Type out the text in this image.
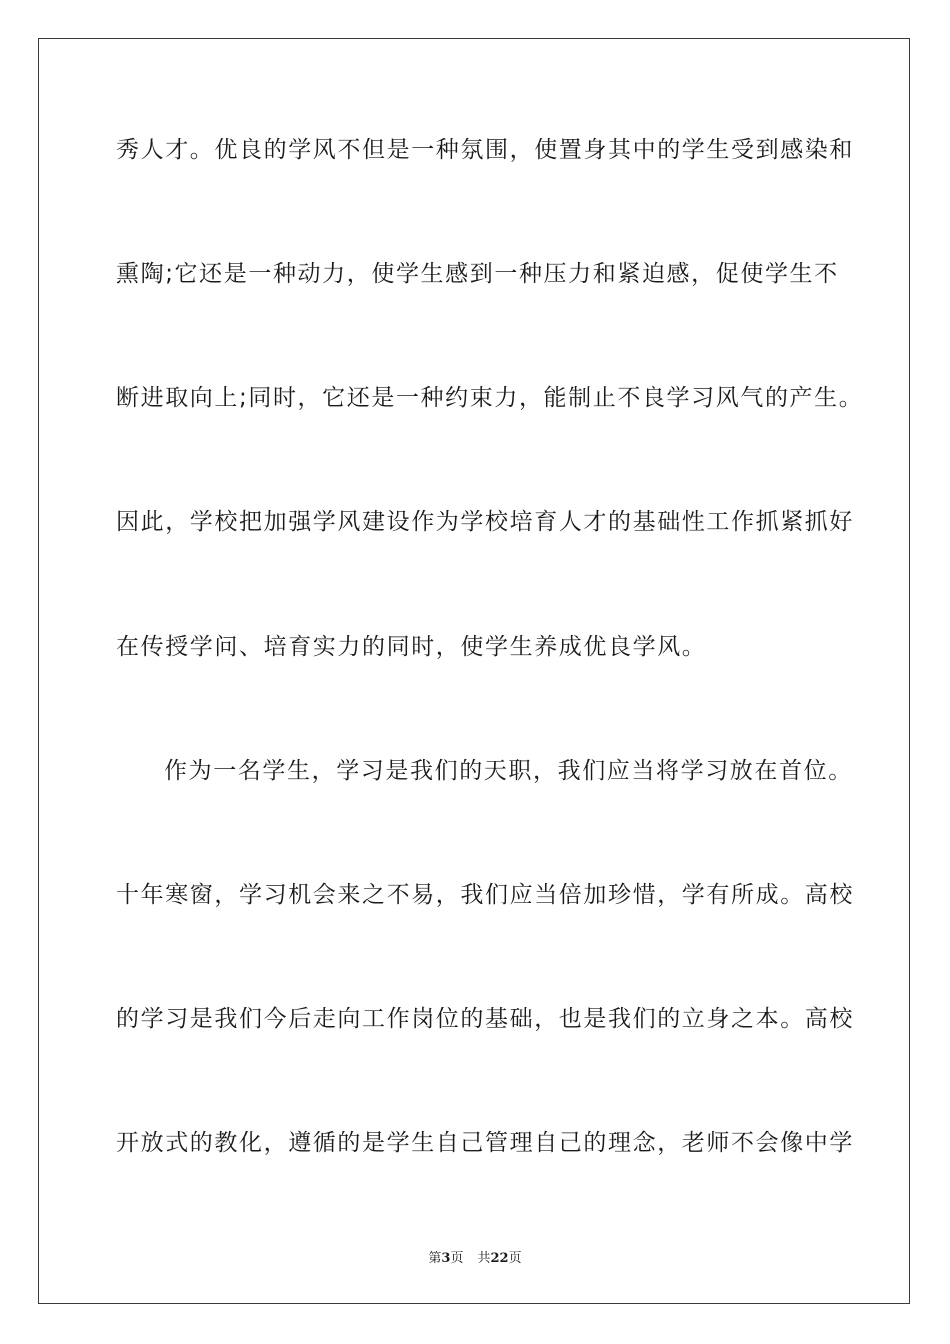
秀人才。优良的学风不但是一种氛围，使置身其中的学生受到感染和

熏陶;它还是一种动力，使学生感到一种压力和紧迫感，促使学生不

断进取向上;同时，它还是一种约束力，能制止不良学习风气的产生。

因此，学校把加强学风建设作为学校培育人才的基础性工作抓紧抓好

在传授学问、培育实力的同时，使学生养成优良学风。

作为一名学生，学习是我们的天职，我们应当将学习放在首位。

十年寒窗，学习机会来之不易，我们应当倍加珍惜，学有所成。高校

的学习是我们今后走向工作岗位的基础，也是我们的立身之本。高校

开放式的教化，遵循的是学生自己管理自己的理念，老师不会像中学

第3页 共22页
